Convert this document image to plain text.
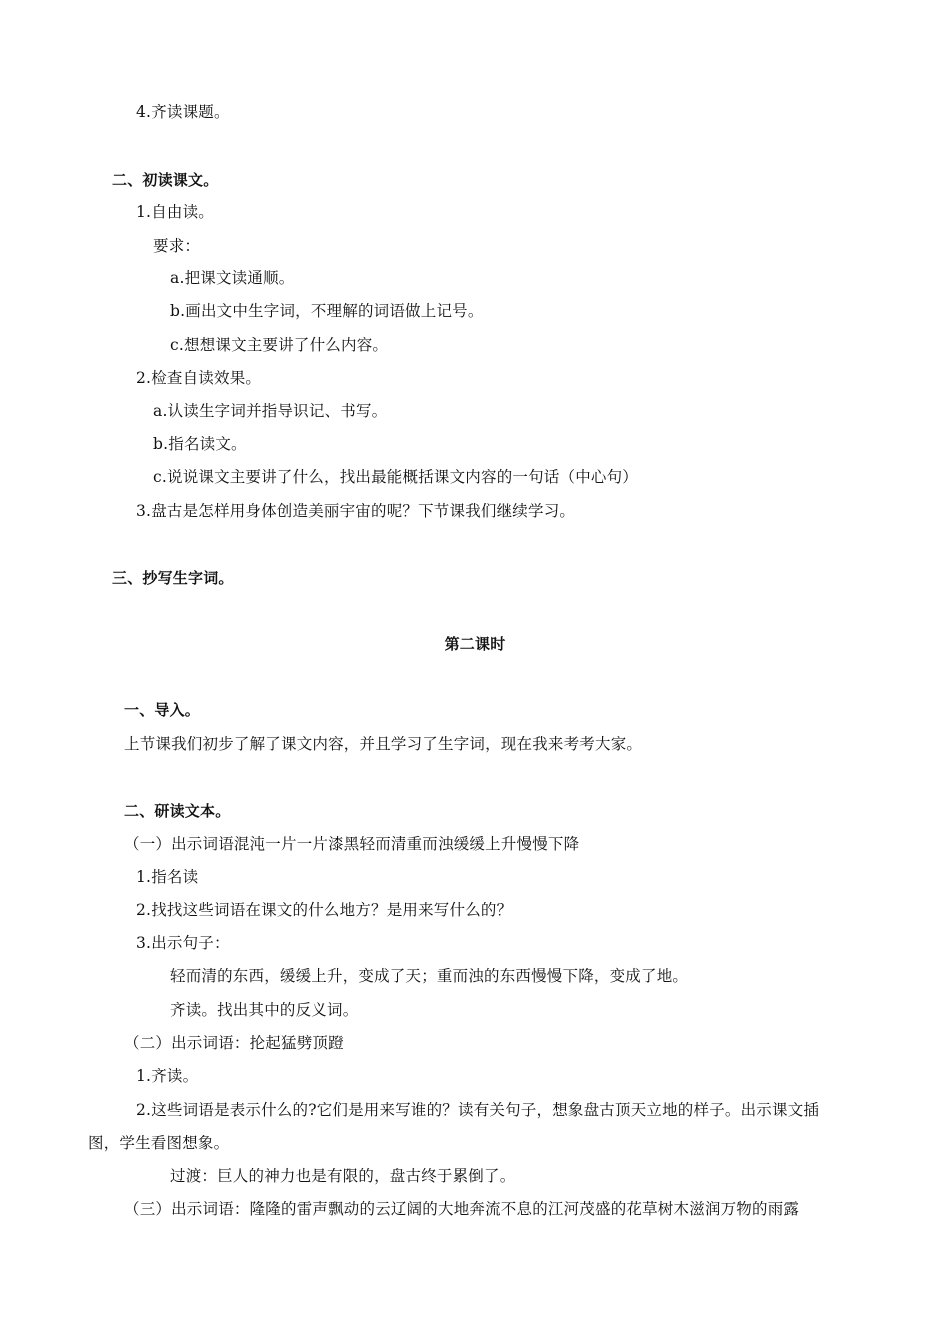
4.齐读课题。
二、初读课文。
1.自由读。
要求：
a.把课文读通顺。
b.画出文中生字词，不理解的词语做上记号。
c.想想课文主要讲了什么内容。
2.检查自读效果。
a.认读生字词并指导识记、书写。
b.指名读文。
c.说说课文主要讲了什么，找出最能概括课文内容的一句话（中心句）
3.盘古是怎样用身体创造美丽宇宙的呢？下节课我们继续学习。
三、抄写生字词。
第二课时
一、导入。
上节课我们初步了解了课文内容，并且学习了生字词，现在我来考考大家。
二、研读文本。
（一）出示词语混沌一片一片漆黑轻而清重而浊缓缓上升慢慢下降
1.指名读
2.找找这些词语在课文的什么地方？是用来写什么的？
3.出示句子：
轻而清的东西，缓缓上升，变成了天；重而浊的东西慢慢下降，变成了地。
齐读。找出其中的反义词。
（二）出示词语：抡起猛劈顶蹬
1.齐读。
2.这些词语是表示什么的?它们是用来写谁的？读有关句子，想象盘古顶天立地的样子。出示课文插
图，学生看图想象。
过渡：巨人的神力也是有限的，盘古终于累倒了。
（三）出示词语：隆隆的雷声飘动的云辽阔的大地奔流不息的江河茂盛的花草树木滋润万物的雨露
